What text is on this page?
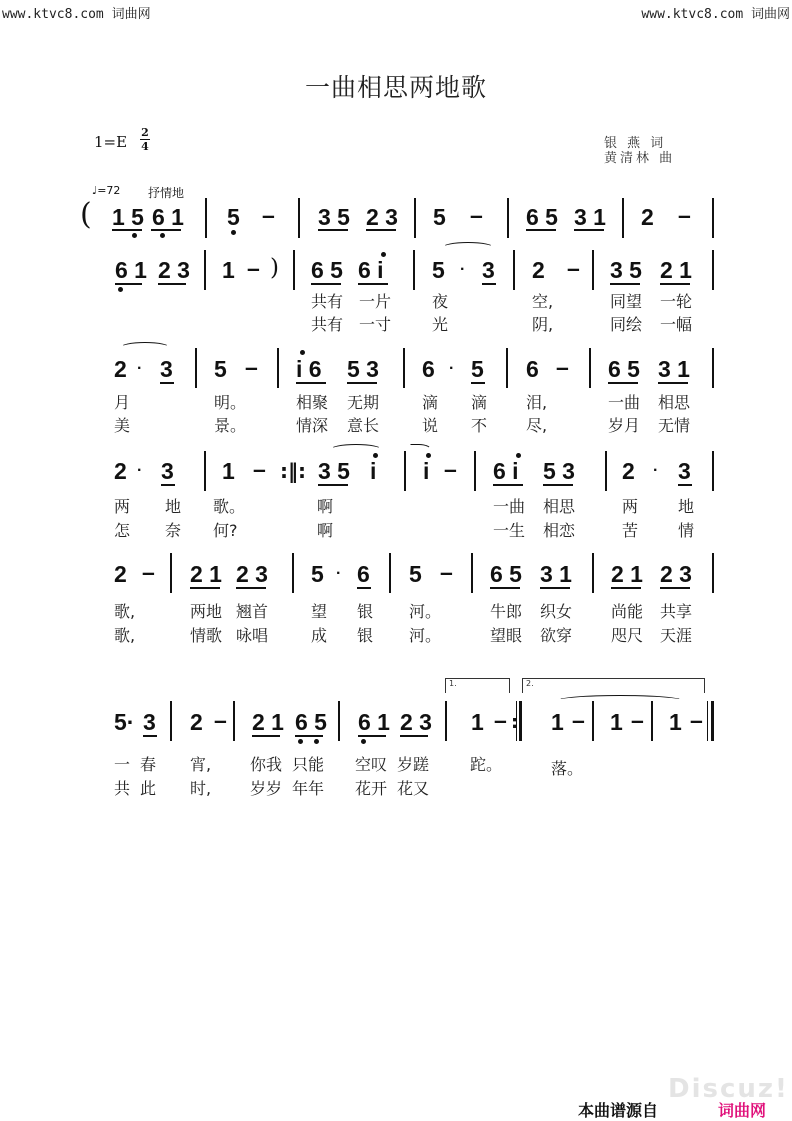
www.ktvc8.com 词曲网	www.ktvc8.com 词曲网
一曲相思两地歌
1=E
2
4	银 燕 词
黄清林 曲
♩=72 抒情地
( 1 5 6 1 5 – 3 5 2 3 5 – 6 5 3 1 2 –
6 1 2 3 1 – ) 6 5 6 i 5 · 3 2 – 3 5 2 1
共有 一片	夜	空,	同望 一轮
共有 一寸	光	阴,	同绘 一幅
2 · 3 5 – i 6 5 3 6 · 5 6 – 6 5 3 1
月	明。	相聚 无期	滴 滴 泪,	一曲 相思
美	景。	情深 意长	说 不 尽,	岁月 无情
2 · 3 1 – :‖: 3 5 i i – 6 i 5 3 2 · 3
两 地 歌。	啊	一曲 相思	两 地
怎 奈 何?	啊	一生 相恋	苦 情
2 – 2 1 2 3 5 · 6 5 – 6 5 3 1 2 1 2 3
歌,	两地 翘首	望 银 河。	牛郎 织女 尚能 共享
歌,	情歌 咏唱	成 银 河。	望眼 欲穿 咫尺 天涯
1.	2.
5· 3 2 – 2 1 6 5 6 1 2 3 1 – : 1 – 1 – 1 –
一 春 宵, 你我 只能 空叹 岁蹉	跎。	落。
共 此 时, 岁岁 年年 花开 花又
Discuz!
本曲谱源自	词曲网
